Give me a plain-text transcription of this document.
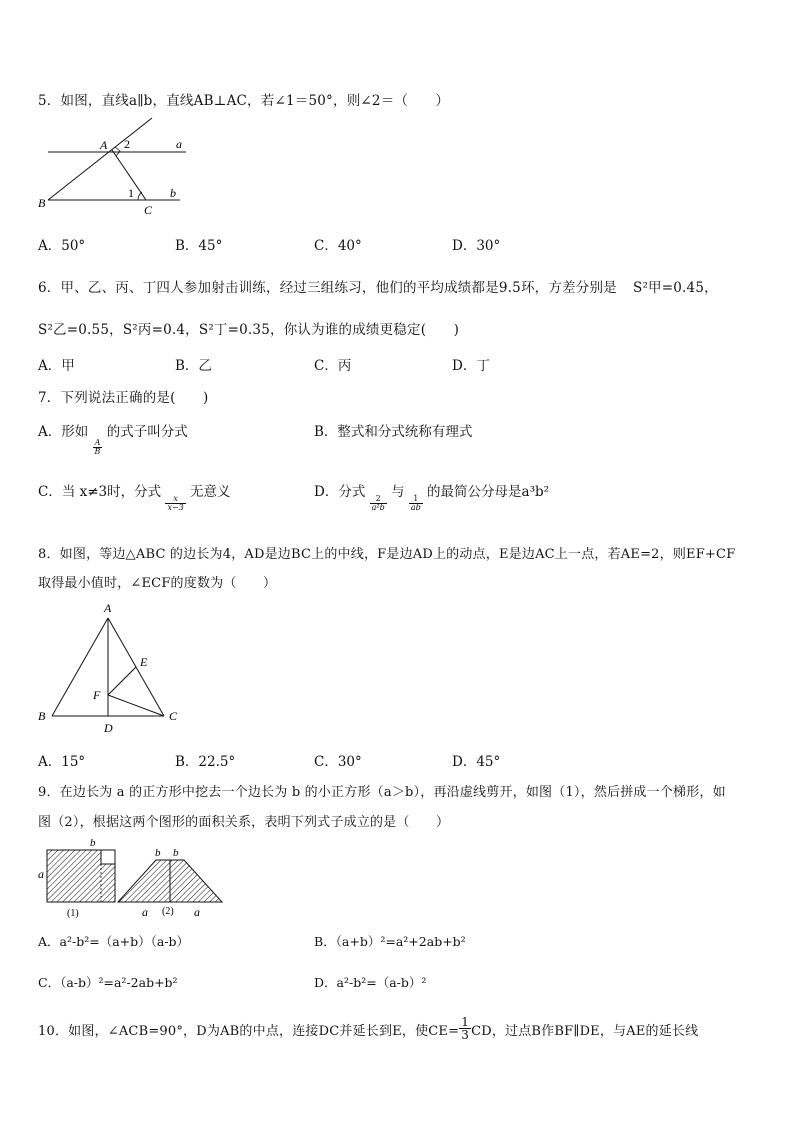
5．如图，直线a∥b，直线AB⊥AC，若∠1＝50°，则∠2＝（　　）
A 2	a
1	b
B	C
A．50°	B．45°	C．40°	D．30°
6．甲、乙、丙、丁四人参加射击训练，经过三组练习，他们的平均成绩都是9.5环，方差分别是 S²甲=0.45，
S²乙=0.55，S²丙=0.4，S²丁=0.35，你认为谁的成绩更稳定(　　)
A．甲	B．乙	C．丙	D．丁
7．下列说法正确的是(　　)
A．形如
$\frac{A}{B}$
的式子叫分式	B．整式和分式统称有理式
C．当 x≠3时，分式
$\frac{x}{x-3}$
无意义	D．分式
$\frac{2}{\text{a²b}}$
与
$\frac{1}{ab}$
的最简公分母是a³b²
8．如图，等边△ABC 的边长为4，AD是边BC上的中线，F是边AD上的动点，E是边AC上一点，若AE=2，则EF+CF
取得最小值时，∠ECF的度数为（　　）
A
E
F
B
D
C
A．15°	B．22.5°	C．30°	D．45°
9．在边长为 a 的正方形中挖去一个边长为 b 的小正方形（a＞b），再沿虚线剪开，如图（1），然后拼成一个梯形，如
图（2），根据这两个图形的面积关系，表明下列式子成立的是（　　）
a
b
(1)
b b
a (2) a
A．a²-b²=（a+b）（a-b）	B．（a+b）²=a²+2ab+b²
C．（a-b）²=a²-2ab+b²	D．a²-b²=（a-b）²
10．如图，∠ACB=90°，D为AB的中点，连接DC并延长到E，使$CE= \frac{1}{3}$ CD，过点B作BF∥DE，与AE的延长线
